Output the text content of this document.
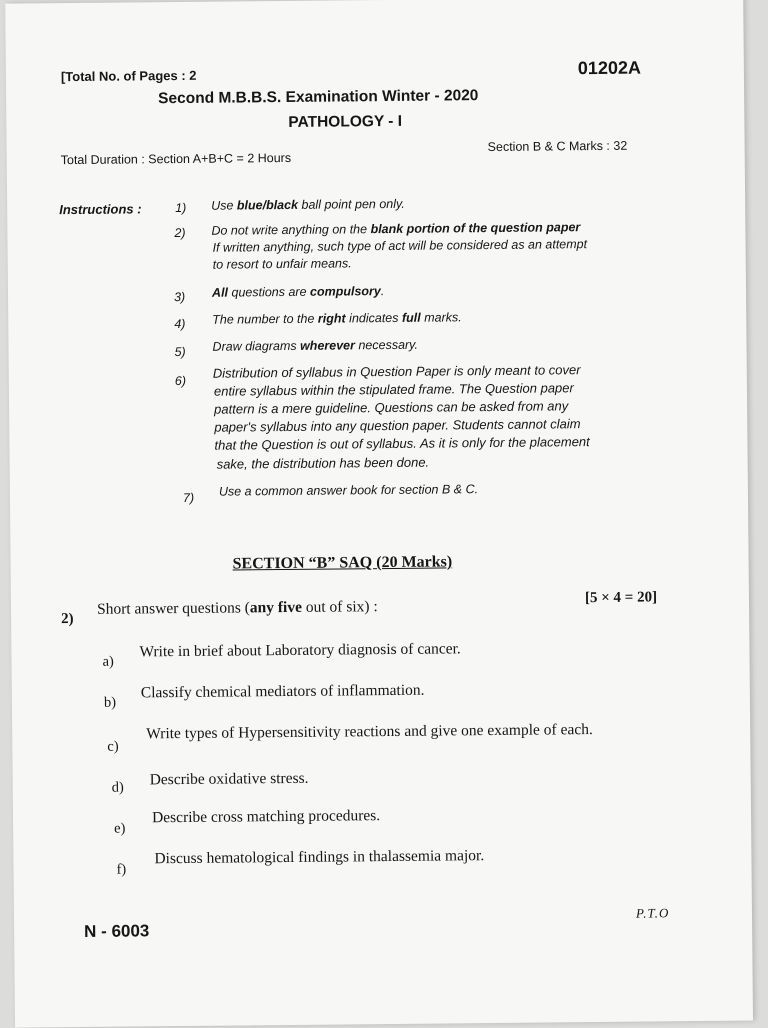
[Total No. of Pages : 2	01202A
Second M.B.B.S. Examination Winter - 2020
PATHOLOGY - I
Total Duration : Section A+B+C = 2 Hours
Section B & C Marks : 32
Instructions :	1) Use blue/black ball point pen only.
2) Do not write anything on the blank portion of the question paper
If written anything, such type of act will be considered as an attempt
to resort to unfair means.
3) All questions are compulsory.
4) The number to the right indicates full marks.
5) Draw diagrams wherever necessary.
6)
Distribution of syllabus in Question Paper is only meant to cover
entire syllabus within the stipulated frame. The Question paper
pattern is a mere guideline. Questions can be asked from any
paper's syllabus into any question paper. Students cannot claim
that the Question is out of syllabus. As it is only for the placement
sake, the distribution has been done.
7) Use a common answer book for section B & C.
SECTION “B” SAQ (20 Marks)
2)
Short answer questions (any five out of six) :
[5 × 4 = 20]
a)
Write in brief about Laboratory diagnosis of cancer.
b)
Classify chemical mediators of inflammation.
c)
Write types of Hypersensitivity reactions and give one example of each.
d) Describe oxidative stress.
e)
Describe cross matching procedures.
f)
Discuss hematological findings in thalassemia major.
N - 6003
P.T.O
